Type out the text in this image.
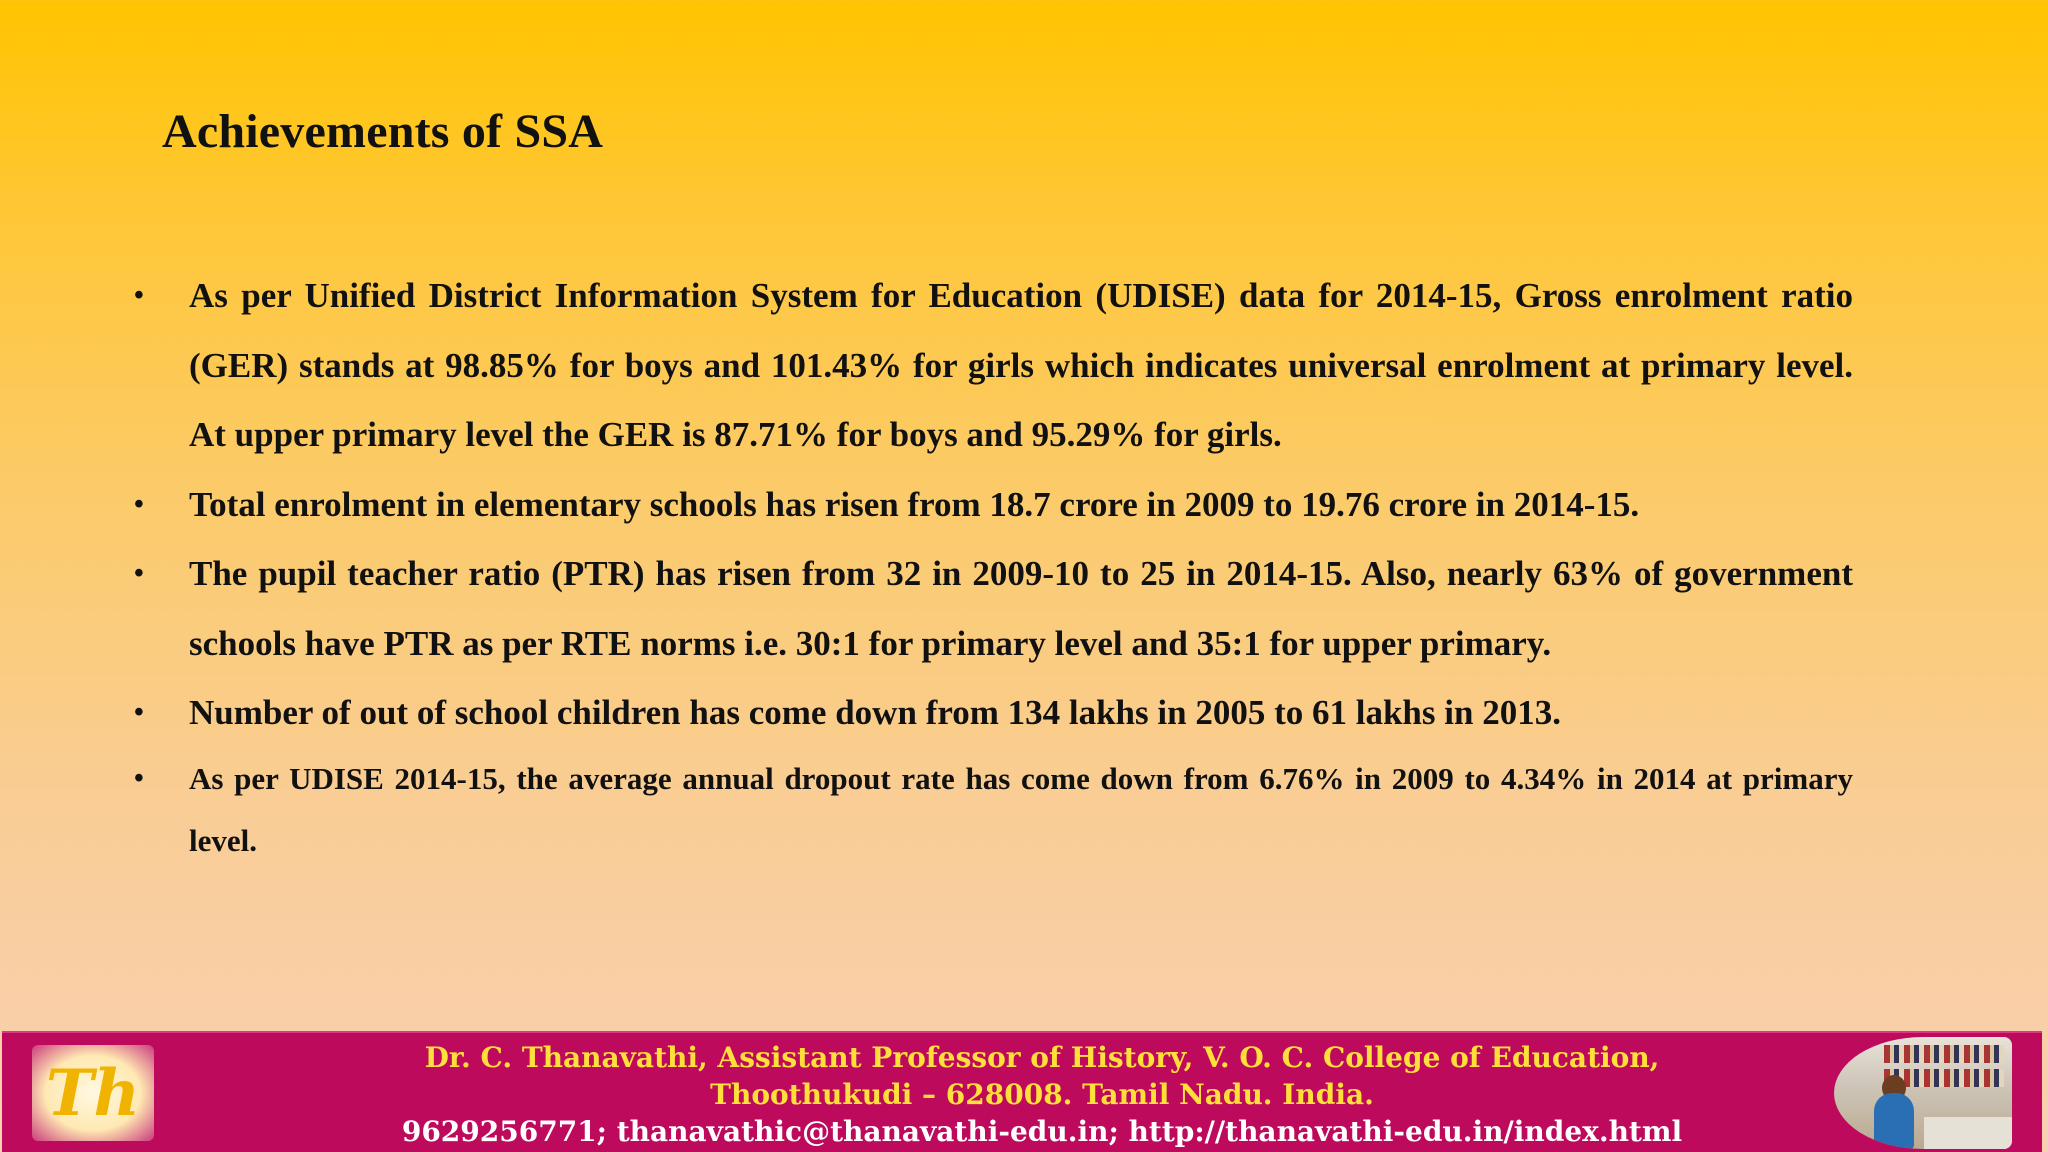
Achievements of SSA
• As per Unified District Information System for Education (UDISE) data for 2014-15, Gross enrolment ratio (GER) stands at 98.85% for boys and 101.43% for girls which indicates universal enrolment at primary level. At upper primary level the GER is 87.71% for boys and 95.29% for girls.
• Total enrolment in elementary schools has risen from 18.7 crore in 2009 to 19.76 crore in 2014-15.
• The pupil teacher ratio (PTR) has risen from 32 in 2009-10 to 25 in 2014-15. Also, nearly 63% of government schools have PTR as per RTE norms i.e. 30:1 for primary level and 35:1 for upper primary.
• Number of out of school children has come down from 134 lakhs in 2005 to 61 lakhs in 2013.
• As per UDISE 2014-15, the average annual dropout rate has come down from 6.76% in 2009 to 4.34% in 2014 at primary level.
Th	Dr. C. Thanavathi, Assistant Professor of History, V. O. C. College of Education,
Thoothukudi – 628008. Tamil Nadu. India.
9629256771; thanavathic@thanavathi-edu.in; http://thanavathi-edu.in/index.html
